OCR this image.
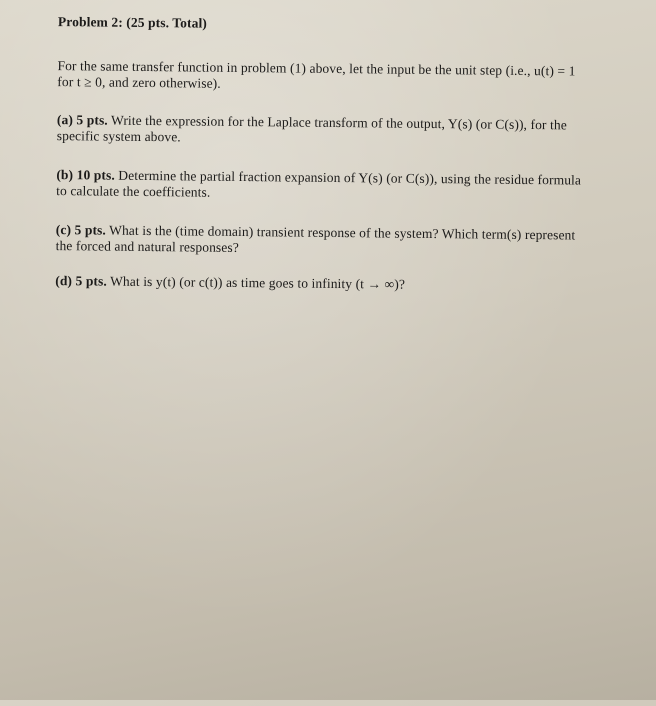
Problem 2: (25 pts. Total)
For the same transfer function in problem (1) above, let the input be the unit step (i.e., u(t) = 1
for t ≥ 0, and zero otherwise).
(a) 5 pts. Write the expression for the Laplace transform of the output, Y(s) (or C(s)), for the
specific system above.
(b) 10 pts. Determine the partial fraction expansion of Y(s) (or C(s)), using the residue formula
to calculate the coefficients.
(c) 5 pts. What is the (time domain) transient response of the system? Which term(s) represent
the forced and natural responses?
(d) 5 pts. What is y(t) (or c(t)) as time goes to infinity (t → ∞)?
